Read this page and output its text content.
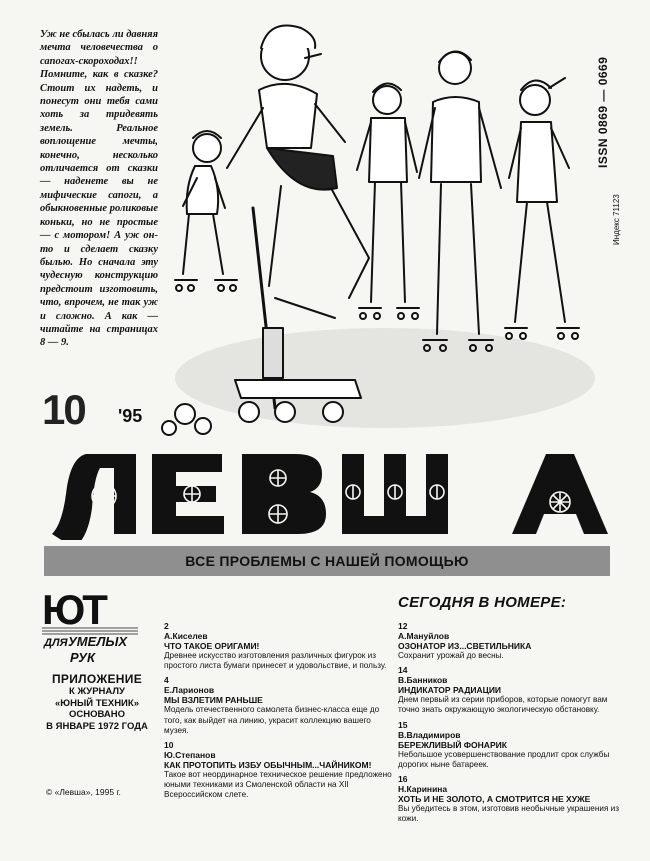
Уж не сбылась ли давняя мечта человечества о сапогах-скороходах!! Помните, как в сказке? Стоит их надеть, и понесут они тебя сами хоть за тридевять земель. Реальное воплощение мечты, конечно, несколько отличается от сказки — наденете вы не мифические сапоги, а обыкновенные роликовые коньки, но не простые — с мотором! А уж он-то и сделает сказку былью. Но сначала эту чудесную конструкцию предстоит изготовить, что, впрочем, не так уж и сложно. А как — читайте на страницах 8 — 9.
ISSN 0869 — 0669
Индекс 71123
10 '95
ЛЕВША
ВСЕ ПРОБЛЕМЫ С НАШЕЙ ПОМОЩЬЮ
ЮТ
ДЛЯ УМЕЛЫХ
РУК
ПРИЛОЖЕНИЕ
К ЖУРНАЛУ
«ЮНЫЙ ТЕХНИК»
ОСНОВАНО
В ЯНВАРЕ 1972 ГОДА
© «Левша», 1995 г.
СЕГОДНЯ В НОМЕРЕ:
2
А.Киселев
ЧТО ТАКОЕ ОРИГАМИ!
Древнее искусство изготовления различных фигурок из простого листа бумаги принесет и удовольствие, и пользу.
4
Е.Ларионов
МЫ ВЗЛЕТИМ РАНЬШЕ
Модель отечественного самолета бизнес-класса еще до того, как выйдет на линию, украсит коллекцию вашего музея.
10
Ю.Степанов
КАК ПРОТОПИТЬ ИЗБУ ОБЫЧНЫМ...ЧАЙНИКОМ!
Такое вот неординарное техническое решение предложено юными техниками из Смоленской области на XII Всероссийском слете.
12
А.Мануйлов
ОЗОНАТОР ИЗ...СВЕТИЛЬНИКА
Сохранит урожай до весны.
14
В.Банников
ИНДИКАТОР РАДИАЦИИ
Днем первый из серии приборов, которые помогут вам точно знать окружающую экологическую обстановку.
15
В.Владимиров
БЕРЕЖЛИВЫЙ ФОНАРИК
Небольшое усовершенствование продлит срок службы дорогих ныне батареек.
16
Н.Каринина
ХОТЬ И НЕ ЗОЛОТО, А СМОТРИТСЯ НЕ ХУЖЕ
Вы убедитесь в этом, изготовив необычные украшения из кожи.
